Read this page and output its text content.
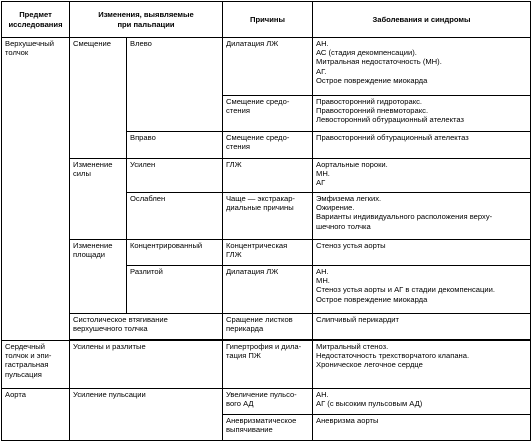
Предмет
исследования	Изменения, выявляемые
при пальпации		Причины	Заболевания и синдромы
Верхушечный
толчок	Смещение	Влево	Дилатация ЛЖ	АН.
АС (стадия декомпенсации).
Митральная недостаточность (МН).
АГ.
Острое повреждение миокарда
			Смещение средо-
стения	Правосторонний гидроторакс.
Правосторонний пневмоторакс.
Левосторонний обтурационный ателектаз
		Вправо	Смещение средо-
стения	Правосторонний обтурационный ателектаз
	Изменение
силы	Усилен	ГЛЖ	Аортальные пороки.
МН.
АГ
		Ослаблен	Чаще — экстракар-
диальные причины	Эмфизема легких.
Ожирение.
Варианты индивидуального расположения верху-
шечного толчка
	Изменение
площади	Концентрированный	Концентрическая
ГЛЖ	Стеноз устья аорты
		Разлитой	Дилатация ЛЖ	АН.
МН.
Стеноз устья аорты и АГ в стадии декомпенсации.
Острое повреждение миокарда
	Систолическое втягивание
верхушечного толчка		Сращение листков
перикарда	Слипчивый перикардит

Сердечный
толчок и эпи-
гастральная
пульсация	Усилены и разлитые		Гипертрофия и дила-
тация ПЖ	Митральный стеноз.
Недостаточность трехстворчатого клапана.
Хроническое легочное сердце
Аорта	Усиление пульсации		Увеличение пульсо-
вого АД	АН.
АГ (с высоким пульсовым АД)
			Аневризматическое
выпячивание	Аневризма аорты
